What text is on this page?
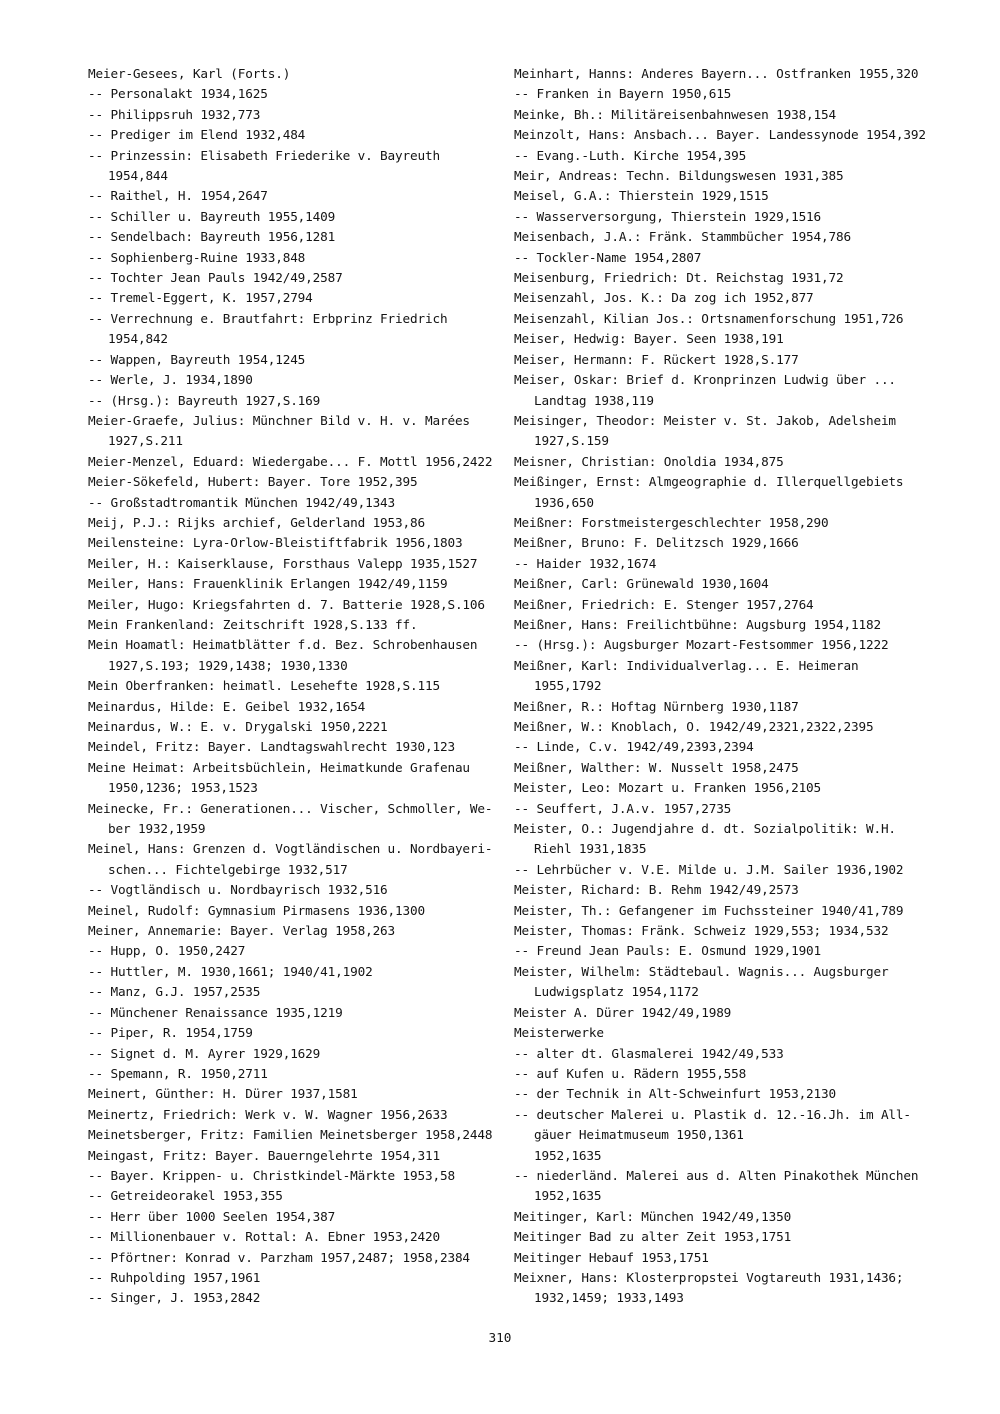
Meier-Gesees, Karl (Forts.)
-- Personalakt 1934,1625
-- Philippsruh 1932,773
-- Prediger im Elend 1932,484
-- Prinzessin: Elisabeth Friederike v. Bayreuth
1954,844
-- Raithel, H. 1954,2647
-- Schiller u. Bayreuth 1955,1409
-- Sendelbach: Bayreuth 1956,1281
-- Sophienberg-Ruine 1933,848
-- Tochter Jean Pauls 1942/49,2587
-- Tremel-Eggert, K. 1957,2794
-- Verrechnung e. Brautfahrt: Erbprinz Friedrich
1954,842
-- Wappen, Bayreuth 1954,1245
-- Werle, J. 1934,1890
-- (Hrsg.): Bayreuth 1927,S.169
Meier-Graefe, Julius: Münchner Bild v. H. v. Marées
1927,S.211
Meier-Menzel, Eduard: Wiedergabe... F. Mottl 1956,2422
Meier-Sökefeld, Hubert: Bayer. Tore 1952,395
-- Großstadtromantik München 1942/49,1343
Meij, P.J.: Rijks archief, Gelderland 1953,86
Meilensteine: Lyra-Orlow-Bleistiftfabrik 1956,1803
Meiler, H.: Kaiserklause, Forsthaus Valepp 1935,1527
Meiler, Hans: Frauenklinik Erlangen 1942/49,1159
Meiler, Hugo: Kriegsfahrten d. 7. Batterie 1928,S.106
Mein Frankenland: Zeitschrift 1928,S.133 ff.
Mein Hoamatl: Heimatblätter f.d. Bez. Schrobenhausen
1927,S.193; 1929,1438; 1930,1330
Mein Oberfranken: heimatl. Lesehefte 1928,S.115
Meinardus, Hilde: E. Geibel 1932,1654
Meinardus, W.: E. v. Drygalski 1950,2221
Meindel, Fritz: Bayer. Landtagswahlrecht 1930,123
Meine Heimat: Arbeitsbüchlein, Heimatkunde Grafenau
1950,1236; 1953,1523
Meinecke, Fr.: Generationen... Vischer, Schmoller, We-
ber 1932,1959
Meinel, Hans: Grenzen d. Vogtländischen u. Nordbayeri-
schen... Fichtelgebirge 1932,517
-- Vogtländisch u. Nordbayrisch 1932,516
Meinel, Rudolf: Gymnasium Pirmasens 1936,1300
Meiner, Annemarie: Bayer. Verlag 1958,263
-- Hupp, O. 1950,2427
-- Huttler, M. 1930,1661; 1940/41,1902
-- Manz, G.J. 1957,2535
-- Münchener Renaissance 1935,1219
-- Piper, R. 1954,1759
-- Signet d. M. Ayrer 1929,1629
-- Spemann, R. 1950,2711
Meinert, Günther: H. Dürer 1937,1581
Meinertz, Friedrich: Werk v. W. Wagner 1956,2633
Meinetsberger, Fritz: Familien Meinetsberger 1958,2448
Meingast, Fritz: Bayer. Bauerngelehrte 1954,311
-- Bayer. Krippen- u. Christkindel-Märkte 1953,58
-- Getreideorakel 1953,355
-- Herr über 1000 Seelen 1954,387
-- Millionenbauer v. Rottal: A. Ebner 1953,2420
-- Pförtner: Konrad v. Parzham 1957,2487; 1958,2384
-- Ruhpolding 1957,1961
-- Singer, J. 1953,2842
Meinhart, Hanns: Anderes Bayern... Ostfranken 1955,320
-- Franken in Bayern 1950,615
Meinke, Bh.: Militäreisenbahnwesen 1938,154
Meinzolt, Hans: Ansbach... Bayer. Landessynode 1954,392
-- Evang.-Luth. Kirche 1954,395
Meir, Andreas: Techn. Bildungswesen 1931,385
Meisel, G.A.: Thierstein 1929,1515
-- Wasserversorgung, Thierstein 1929,1516
Meisenbach, J.A.: Fränk. Stammbücher 1954,786
-- Tockler-Name 1954,2807
Meisenburg, Friedrich: Dt. Reichstag 1931,72
Meisenzahl, Jos. K.: Da zog ich 1952,877
Meisenzahl, Kilian Jos.: Ortsnamenforschung 1951,726
Meiser, Hedwig: Bayer. Seen 1938,191
Meiser, Hermann: F. Rückert 1928,S.177
Meiser, Oskar: Brief d. Kronprinzen Ludwig über ...
Landtag 1938,119
Meisinger, Theodor: Meister v. St. Jakob, Adelsheim
1927,S.159
Meisner, Christian: Onoldia 1934,875
Meißinger, Ernst: Almgeographie d. Illerquellgebiets
1936,650
Meißner: Forstmeistergeschlechter 1958,290
Meißner, Bruno: F. Delitzsch 1929,1666
-- Haider 1932,1674
Meißner, Carl: Grünewald 1930,1604
Meißner, Friedrich: E. Stenger 1957,2764
Meißner, Hans: Freilichtbühne: Augsburg 1954,1182
-- (Hrsg.): Augsburger Mozart-Festsommer 1956,1222
Meißner, Karl: Individualverlag... E. Heimeran
1955,1792
Meißner, R.: Hoftag Nürnberg 1930,1187
Meißner, W.: Knoblach, O. 1942/49,2321,2322,2395
-- Linde, C.v. 1942/49,2393,2394
Meißner, Walther: W. Nusselt 1958,2475
Meister, Leo: Mozart u. Franken 1956,2105
-- Seuffert, J.A.v. 1957,2735
Meister, O.: Jugendjahre d. dt. Sozialpolitik: W.H.
Riehl 1931,1835
-- Lehrbücher v. V.E. Milde u. J.M. Sailer 1936,1902
Meister, Richard: B. Rehm 1942/49,2573
Meister, Th.: Gefangener im Fuchssteiner 1940/41,789
Meister, Thomas: Fränk. Schweiz 1929,553; 1934,532
-- Freund Jean Pauls: E. Osmund 1929,1901
Meister, Wilhelm: Städtebaul. Wagnis... Augsburger
Ludwigsplatz 1954,1172
Meister A. Dürer 1942/49,1989
Meisterwerke
-- alter dt. Glasmalerei 1942/49,533
-- auf Kufen u. Rädern 1955,558
-- der Technik in Alt-Schweinfurt 1953,2130
-- deutscher Malerei u. Plastik d. 12.-16.Jh. im All-
gäuer Heimatmuseum 1950,1361
1952,1635
-- niederländ. Malerei aus d. Alten Pinakothek München
1952,1635
Meitinger, Karl: München 1942/49,1350
Meitinger Bad zu alter Zeit 1953,1751
Meitinger Hebauf 1953,1751
Meixner, Hans: Klosterpropstei Vogtareuth 1931,1436;
1932,1459; 1933,1493
310
